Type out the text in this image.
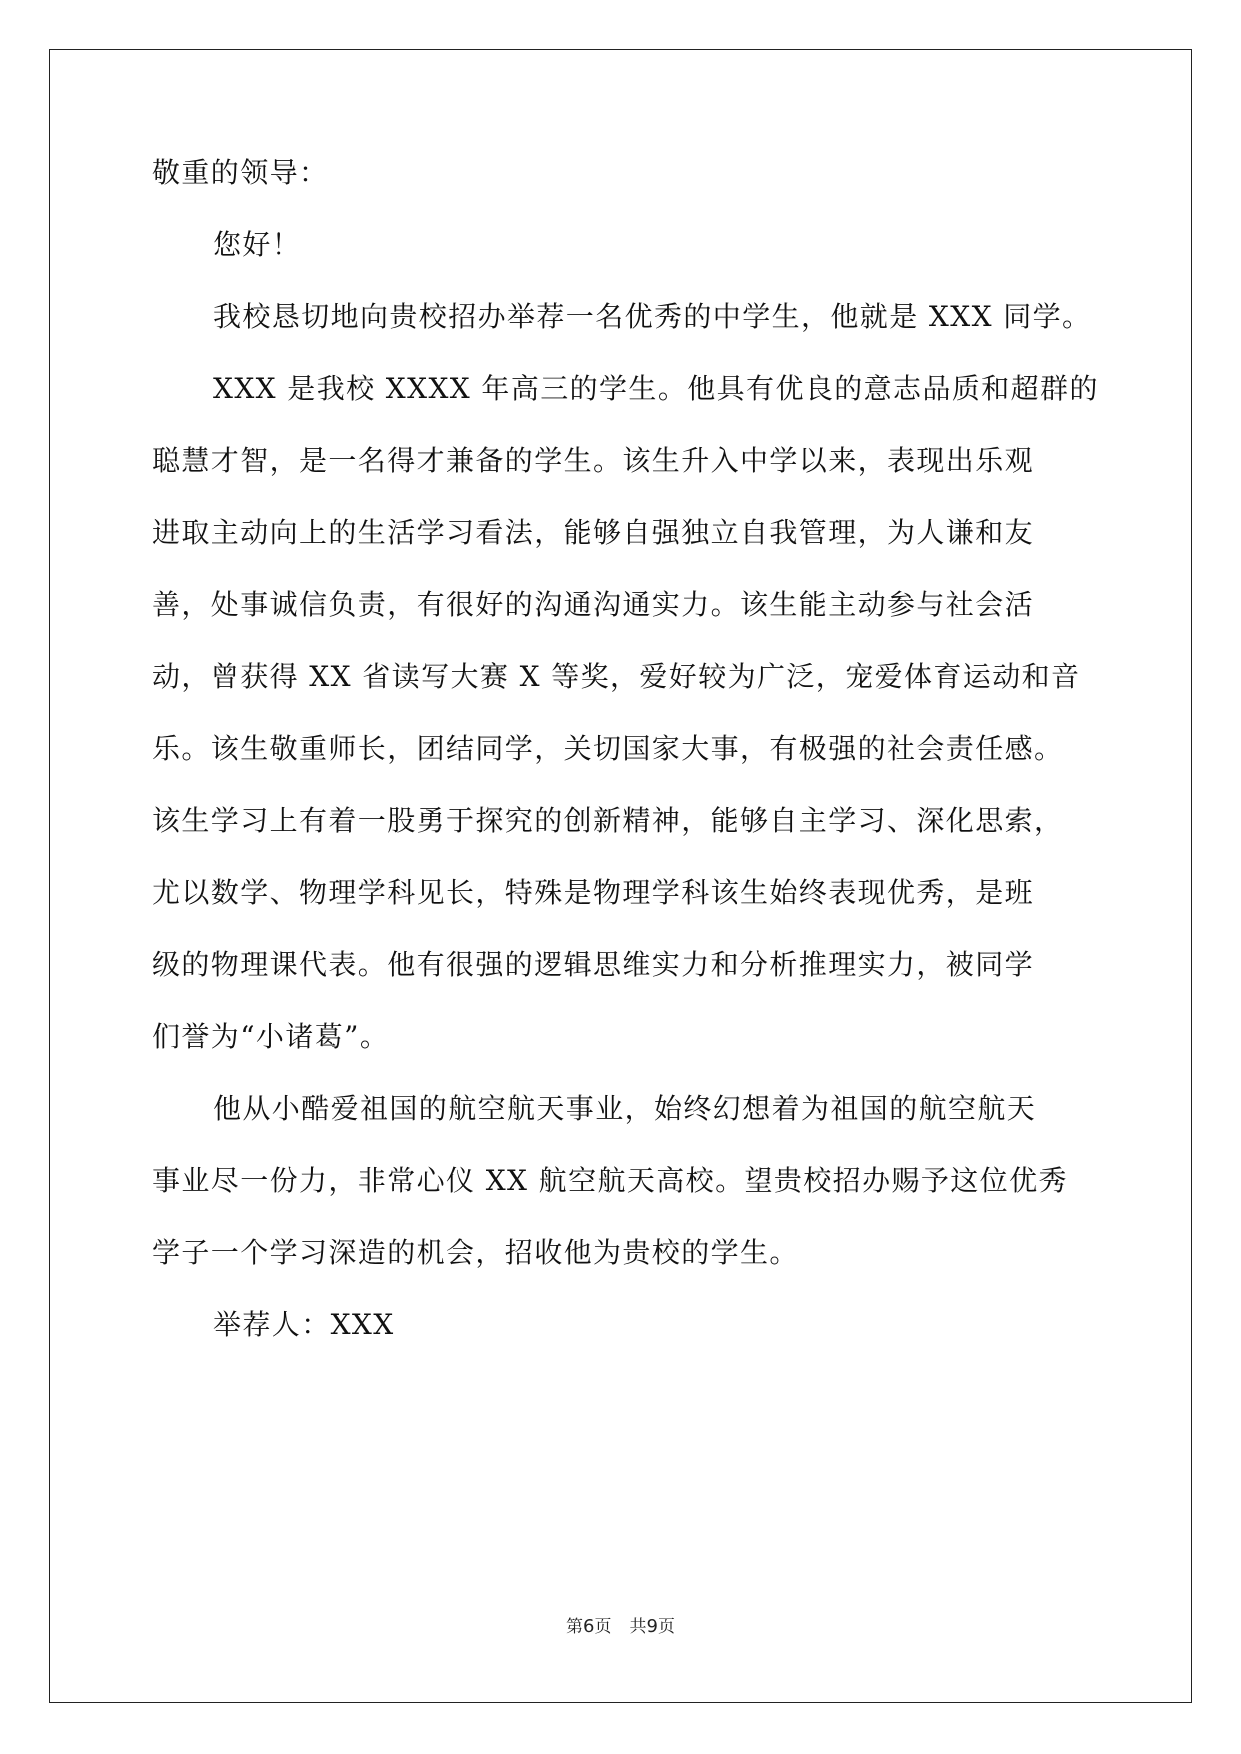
敬重的领导：
您好！
我校恳切地向贵校招办举荐一名优秀的中学生，他就是 XXX 同学。
XXX 是我校 XXXX 年高三的学生。他具有优良的意志品质和超群的
聪慧才智，是一名得才兼备的学生。该生升入中学以来，表现出乐观
进取主动向上的生活学习看法，能够自强独立自我管理，为人谦和友
善，处事诚信负责，有很好的沟通沟通实力。该生能主动参与社会活
动，曾获得 XX 省读写大赛 X 等奖，爱好较为广泛，宠爱体育运动和音
乐。该生敬重师长，团结同学，关切国家大事，有极强的社会责任感。
该生学习上有着一股勇于探究的创新精神，能够自主学习、深化思索，
尤以数学、物理学科见长，特殊是物理学科该生始终表现优秀，是班
级的物理课代表。他有很强的逻辑思维实力和分析推理实力，被同学
们誉为“小诸葛”。
他从小酷爱祖国的航空航天事业，始终幻想着为祖国的航空航天
事业尽一份力，非常心仪 XX 航空航天高校。望贵校招办赐予这位优秀
学子一个学习深造的机会，招收他为贵校的学生。
举荐人：XXX
第6页 共9页
